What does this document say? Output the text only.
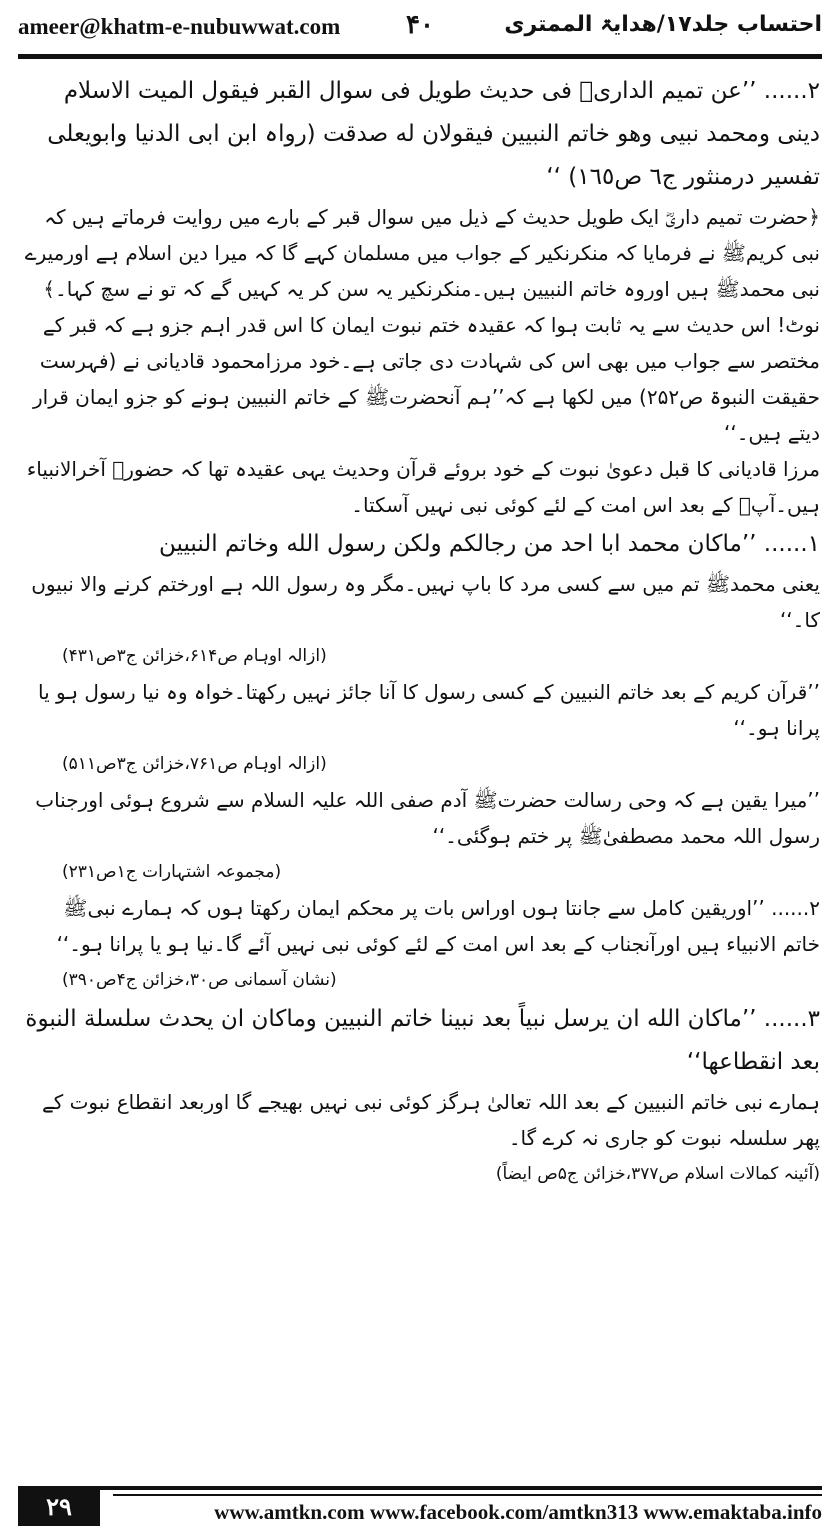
ameer@khatm-e-nubuwwat.com	۴۰	احتساب جلد۱۷/ھدایۃ الممتری

۲...... ’’عن تمیم الداریؓ فی حدیث طویل فی سوال القبر فیقول المیت الاسلام دینی ومحمد نبیی وھو خاتم النبیین فیقولان له صدقت (رواہ ابن ابی الدنیا وابویعلی تفسیر درمنثور ج٦ ص١٦٥) ‘‘

﴿حضرت تمیم داریؓ ایک طویل حدیث کے ذیل میں سوال قبر کے بارے میں روایت فرماتے ہیں کہ نبی کریمﷺ نے فرمایا کہ منکرنکیر کے جواب میں مسلمان کہے گا کہ میرا دین اسلام ہے اورمیرے نبی محمدﷺ ہیں اوروہ خاتم النبیین ہیں۔منکرنکیر یہ سن کر یہ کہیں گے کہ تو نے سچ کہا۔﴾

نوٹ! اس حدیث سے یہ ثابت ہوا کہ عقیدہ ختم نبوت ایمان کا اس قدر اہم جزو ہے کہ قبر کے مختصر سے جواب میں بھی اس کی شہادت دی جاتی ہے۔خود مرزامحمود قادیانی نے (فہرست حقیقت النبوۃ ص۲۵۲) میں لکھا ہے کہ’’ہم آنحضرتﷺ کے خاتم النبیین ہونے کو جزو ایمان قرار دیتے ہیں۔‘‘

مرزا قادیانی کا قبل دعویٰ نبوت کے خود بروئے قرآن وحدیث یہی عقیدہ تھا کہ حضورﷺ آخرالانبیاء ہیں۔آپؐ کے بعد اس امت کے لئے کوئی نبی نہیں آسکتا۔

۱...... ’’ماکان محمد ابا احد من رجالکم ولکن رسول الله وخاتم النبیین

یعنی محمدﷺ تم میں سے کسی مرد کا باپ نہیں۔مگر وہ رسول اللہ ہے اورختم کرنے والا نبیوں کا۔‘‘
(ازالہ اوہام ص۶۱۴،خزائن ج۳ص۴۳۱)

’’قرآن کریم کے بعد خاتم النبیین کے کسی رسول کا آنا جائز نہیں رکھتا۔خواہ وہ نیا رسول ہو یا پرانا ہو۔‘‘

(ازالہ اوہام ص۷۶۱،خزائن ج۳ص۵۱۱)

’’میرا یقین ہے کہ وحی رسالت حضرتﷺ آدم صفی اللہ علیہ السلام سے شروع ہوئی اورجناب رسول اللہ محمد مصطفیٰﷺ پر ختم ہوگئی۔‘‘

(مجموعہ اشتہارات ج۱ص۲۳۱)

۲...... ’’اوریقین کامل سے جانتا ہوں اوراس بات پر محکم ایمان رکھتا ہوں کہ ہمارے نبیﷺ خاتم الانبیاء ہیں اورآنجناب کے بعد اس امت کے لئے کوئی نبی نہیں آئے گا۔نیا ہو یا پرانا ہو۔‘‘

(نشان آسمانی ص۳۰،خزائن ج۴ص۳۹۰)

۳...... ’’ماکان الله ان یرسل نبیاً بعد نبینا خاتم النبیین وماکان ان یحدث سلسلة النبوة بعد انقطاعها‘‘

ہمارے نبی خاتم النبیین کے بعد اللہ تعالیٰ ہرگز کوئی نبی نہیں بھیجے گا اوربعد انقطاع نبوت کے پھر سلسلہ نبوت کو جاری نہ کرے گا۔

(آئینہ کمالات اسلام ص۳۷۷،خزائن ج۵ص ایضاً)
۲۹	www.amtkn.com www.facebook.com/amtkn313 www.emaktaba.info
